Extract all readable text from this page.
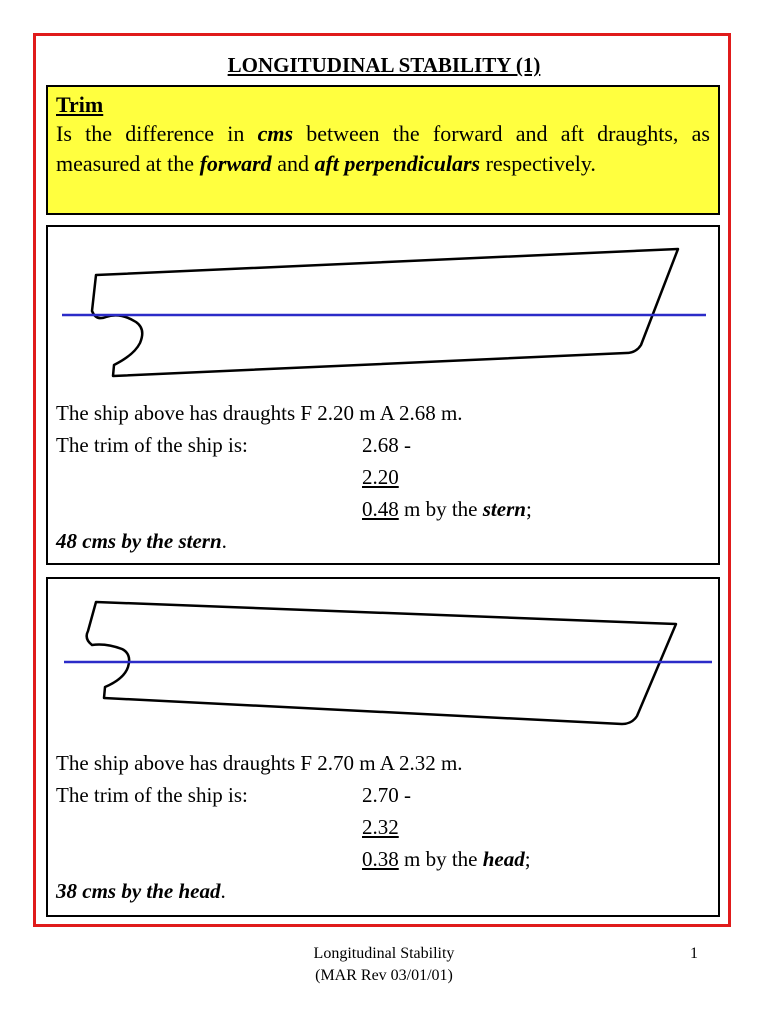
LONGITUDINAL STABILITY (1)
Trim
Is the difference in cms between the forward and aft draughts, as measured at the forward and aft perpendiculars respectively.
The ship above has draughts F 2.20 m A 2.68 m.
The trim of the ship is:	2.68 -
2.20
0.48 m by the stern;
48 cms by the stern.
The ship above has draughts F 2.70 m A 2.32 m.
The trim of the ship is:	2.70 -
2.32
0.38 m by the head;
38 cms by the head.
Longitudinal Stability
(MAR Rev 03/01/01)
1
